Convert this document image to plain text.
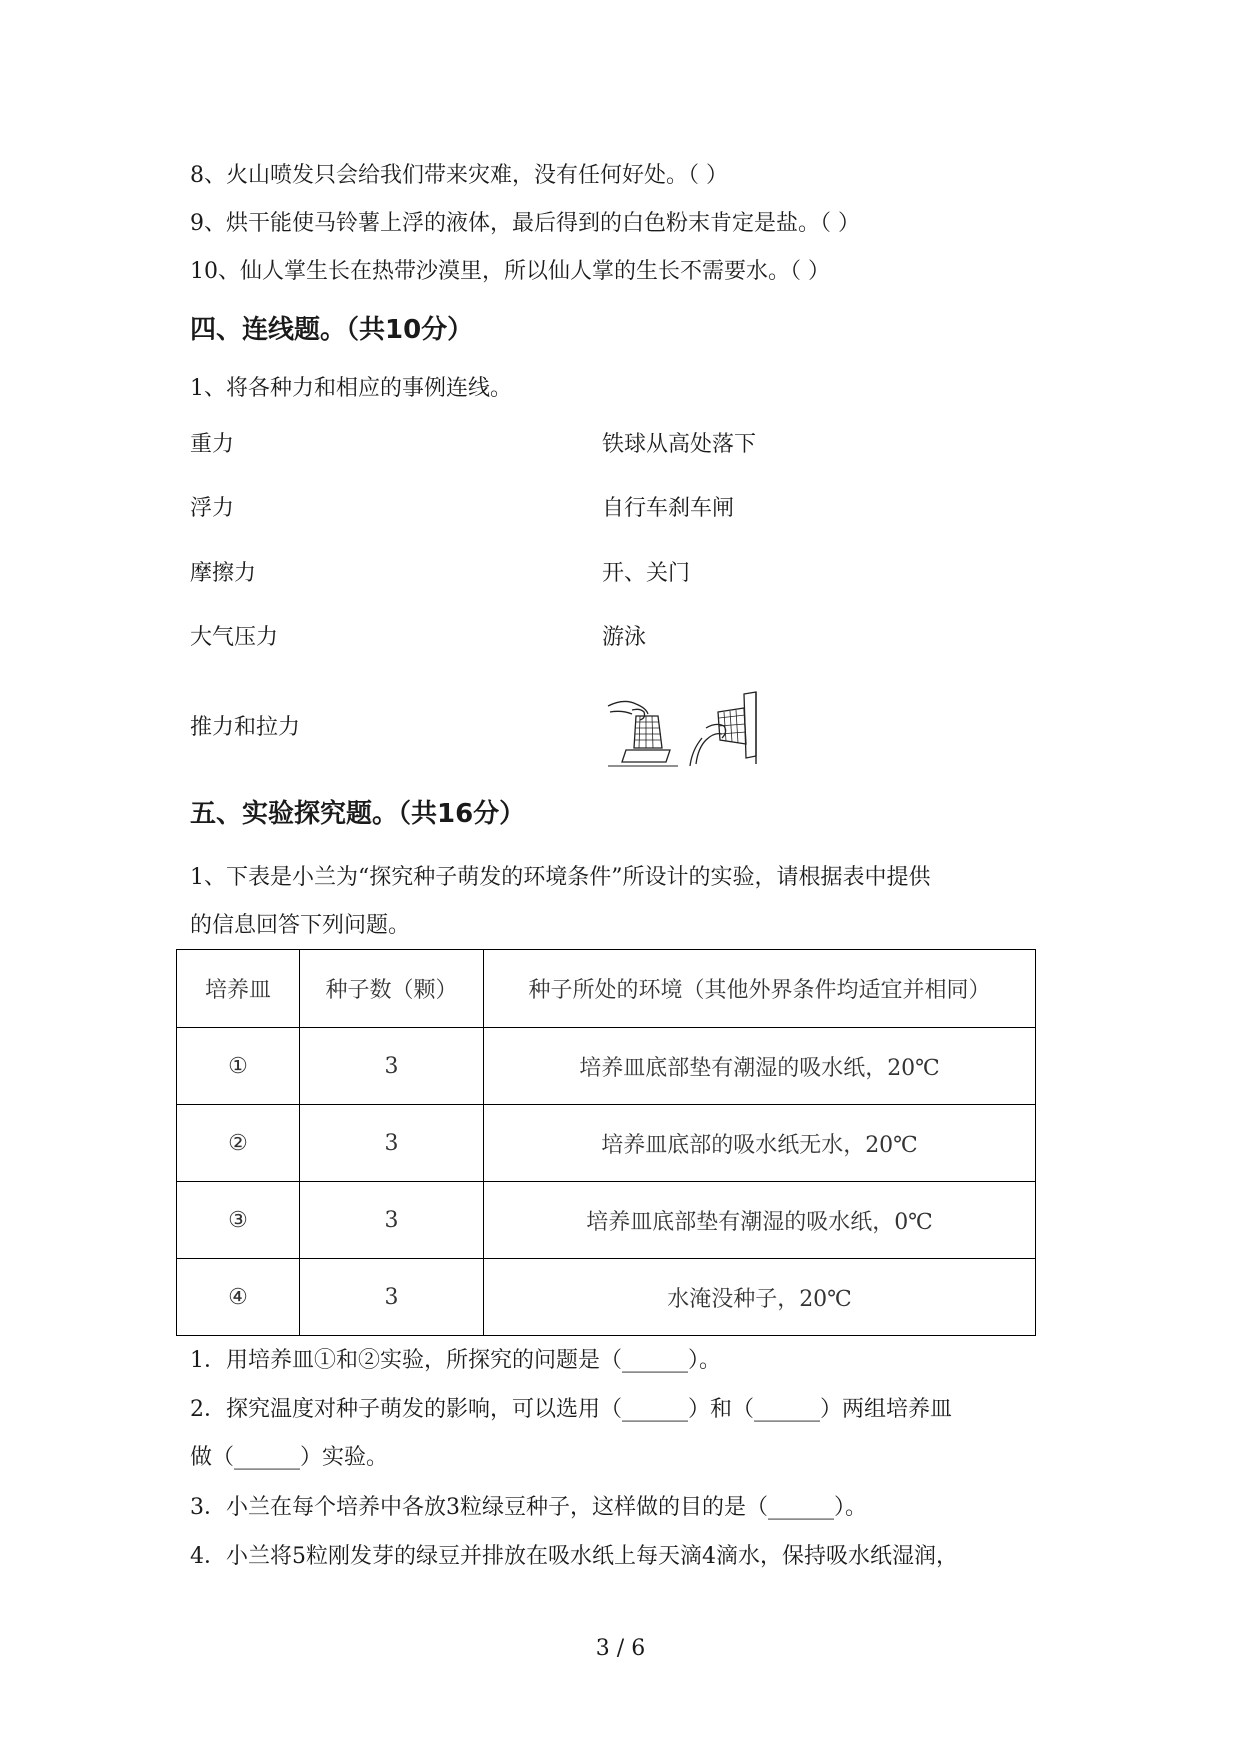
8、火山喷发只会给我们带来灾难，没有任何好处。（ ）
9、烘干能使马铃薯上浮的液体，最后得到的白色粉末肯定是盐。（ ）
10、仙人掌生长在热带沙漠里，所以仙人掌的生长不需要水。（ ）
四、连线题。（共10分）
1、将各种力和相应的事例连线。
重力
浮力
摩擦力
大气压力
推力和拉力
铁球从高处落下
自行车刹车闸
开、关门
游泳
五、实验探究题。（共16分）
1、下表是小兰为“探究种子萌发的环境条件”所设计的实验，请根据表中提供
的信息回答下列问题。
培养皿	种子数（颗）	种子所处的环境（其他外界条件均适宜并相同）
①	3	培养皿底部垫有潮湿的吸水纸，20℃
②	3	培养皿底部的吸水纸无水，20℃
③	3	培养皿底部垫有潮湿的吸水纸，0℃
④	3	水淹没种子，20℃
1．用培养皿①和②实验，所探究的问题是（______）。
2．探究温度对种子萌发的影响，可以选用（______）和（______）两组培养皿
做（______）实验。
3．小兰在每个培养中各放3粒绿豆种子，这样做的目的是（______）。
4．小兰将5粒刚发芽的绿豆并排放在吸水纸上每天滴4滴水，保持吸水纸湿润，
3 / 6
